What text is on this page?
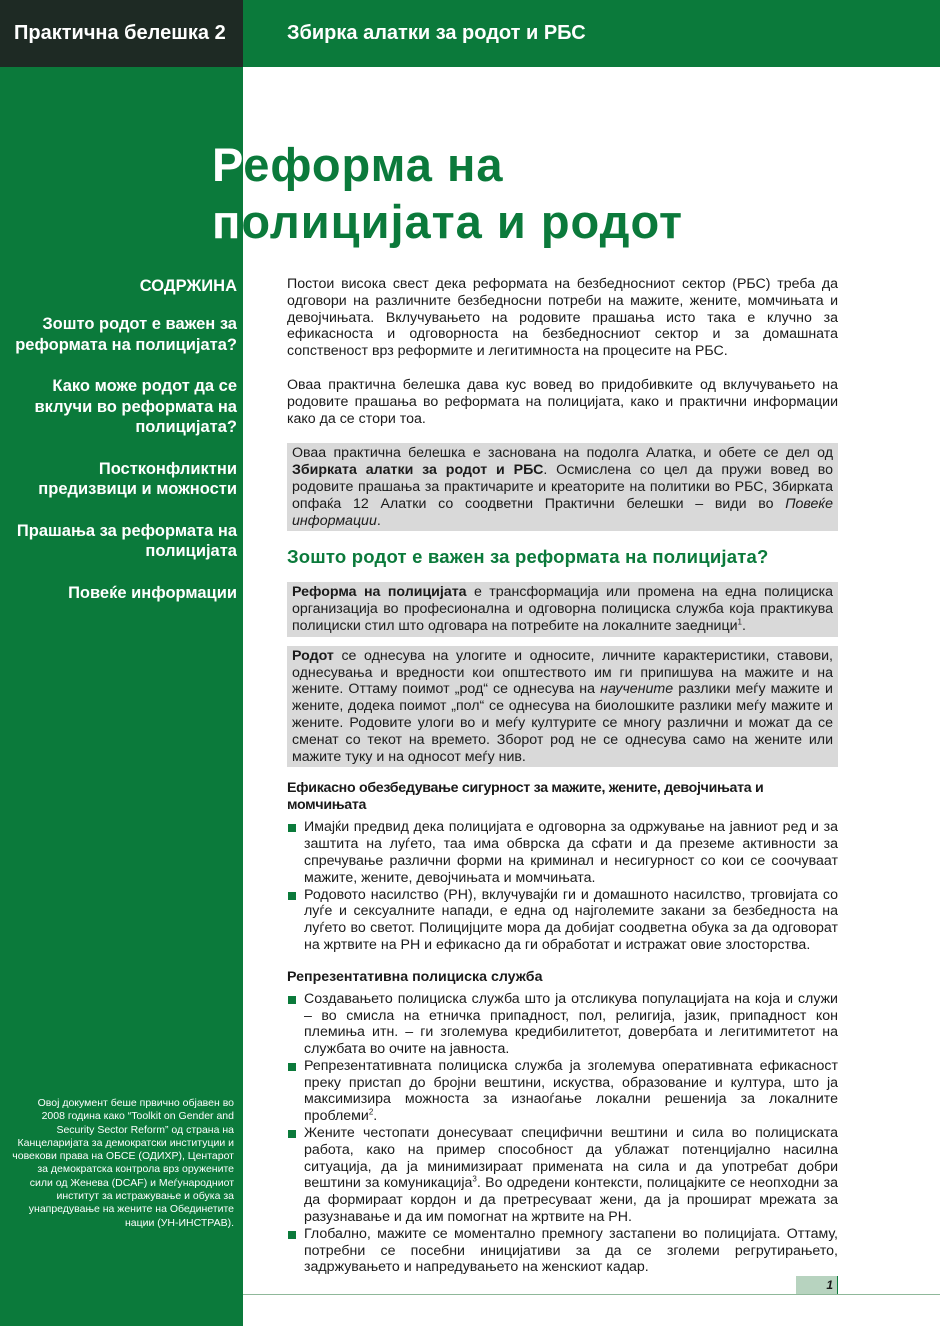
Практична белешка 2	Збирка алатки за родот и РБС
Реформа на
полицијата и родот
СОДРЖИНА
Зошто родот е важен за реформата на полицијата?
Како може родот да се вклучи во реформата на полицијата?
Постконфликтни предизвици и можности
Прашања за реформата на полицијата
Повеќе информации
Овој документ беше првично објавен во 2008 година како “Toolkit on Gender and Security Sector Reform” од страна на Канцеларијата за демократски институции и човекови права на ОБСЕ (ОДИХР), Центарот за демократска контрола врз оружените сили од Женева (DCAF) и Меѓународниот институт за истражување и обука за унапредување на жените на Обединетите нации (УН-ИНСТРАВ).

Постои висока свест дека реформата на безбедносниот сектор (РБС) треба да одговори на различните безбедносни потреби на мажите, жените, момчињата и девојчињата. Вклучувањето на родовите прашања исто така е клучно за ефикасноста и одговорноста на безбедносниот сектор и за домашната сопственост врз реформите и легитимноста на процесите на РБС.

Оваа практична белешка дава кус вовед во придобивките од вклучувањето на родовите прашања во реформата на полицијата, како и практични информации како да се стори тоа.

Оваа практична белешка е заснована на подолга Алатка, и обете се дел од Збирката алатки за родот и РБС. Осмислена со цел да пружи вовед во родовите прашања за практичарите и креаторите на политики во РБС, Збирката опфаќа 12 Алатки со соодветни Практични белешки – види во Повеќе информации.

Зошто родот е важен за реформата на полицијата?

Реформа на полицијата е трансформација или промена на една полициска организација во професионална и одговорна полициска служба која практикува полициски стил што одговара на потребите на локалните заедници$^1$.

Родот се однесува на улогите и односите, личните карактеристики, ставови, однесувања и вредности кои општеството им ги припишува на мажите и на жените. Оттаму поимот „род“ се однесува на научените разлики меѓу мажите и жените, додека поимот „пол“ се однесува на биолошките разлики меѓу мажите и жените. Родовите улоги во и меѓу културите се многу различни и можат да се сменат со текот на времето. Зборот род не се однесува само на жените или мажите туку и на односот меѓу нив.

Ефикасно обезбедување сигурност за мажите, жените, девојчињата и момчињата
Имајќи предвид дека полицијата е одговорна за одржување на јавниот ред и за заштита на луѓето, таа има обврска да сфати и да преземе активности за спречување различни форми на криминал и несигурност со кои се соочуваат мажите, жените, девојчињата и момчињата.
Родовото насилство (РН), вклучувајќи ги и домашното насилство, трговијата со луѓе и сексуалните напади, е една од најголемите закани за безбедноста на луѓето во светот. Полицијците мора да добијат соодветна обука за да одговорат на жртвите на РН и ефикасно да ги обработат и истражат овие злосторства.
Репрезентативна полициска служба
Создавањето полициска служба што ја отсликува популацијата на која и служи – во смисла на етничка припадност, пол, религија, јазик, припадност кон племиња итн. – ги зголемува кредибилитетот, довербата и легитимитетот на службата во очите на јавноста.
Репрезентативната полициска служба ја зголемува оперативната ефикасност преку пристап до бројни вештини, искуства, образование и култура, што ја максимизира можноста за изнаоѓање локални решенија за локалните проблеми$^2$.
Жените честопати донесуваат специфични вештини и сила во полициската работа, како на пример способност да ублажат потенцијално насилна ситуација, да ја минимизираат примената на сила и да употребат добри вештини за комуникација$^3$. Во одредени контексти, полицајките се неопходни за да формираат кордон и да претресуваат жени, да ја прошират мрежата за разузнавање и да им помогнат на жртвите на РН.
Глобално, мажите се моментално премногу застапени во полицијата. Оттаму, потребни се посебни иницијативи за да се зголеми регрутирањето, задржувањето и напредувањето на женскиот кадар.
1
